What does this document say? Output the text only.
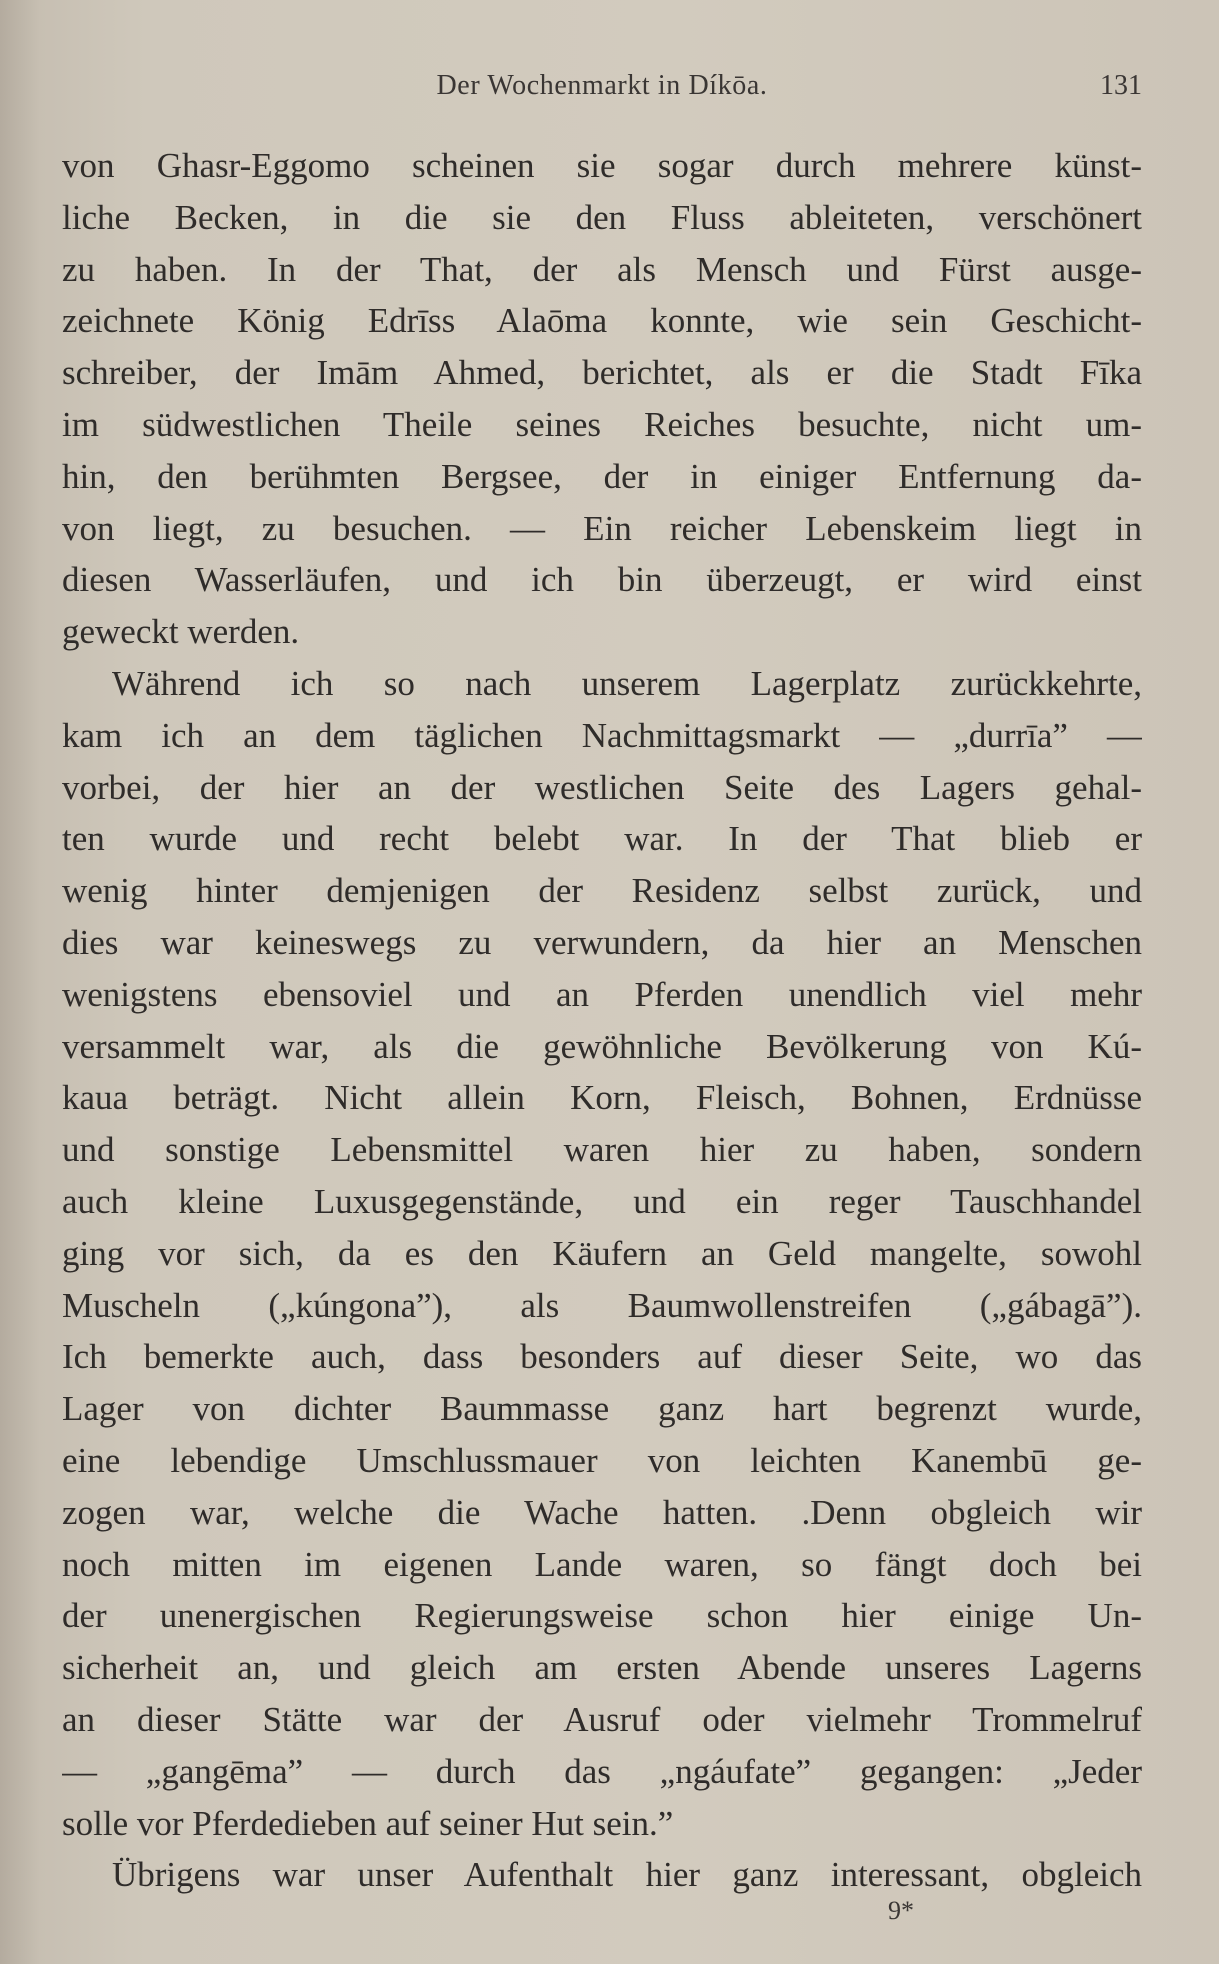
Der Wochenmarkt in Díkōa.	131
von Ghasr-Eggomo scheinen sie sogar durch mehrere künst-
liche Becken, in die sie den Fluss ableiteten, verschönert
zu haben. In der That, der als Mensch und Fürst ausge-
zeichnete König Edrīss Alaōma konnte, wie sein Geschicht-
schreiber, der Imām Ahmed, berichtet, als er die Stadt Fīka
im südwestlichen Theile seines Reiches besuchte, nicht um-
hin, den berühmten Bergsee, der in einiger Entfernung da-
von liegt, zu besuchen. — Ein reicher Lebenskeim liegt in
diesen Wasserläufen, und ich bin überzeugt, er wird einst
geweckt werden.
Während ich so nach unserem Lagerplatz zurückkehrte,
kam ich an dem täglichen Nachmittagsmarkt — „durrīa” —
vorbei, der hier an der westlichen Seite des Lagers gehal-
ten wurde und recht belebt war. In der That blieb er
wenig hinter demjenigen der Residenz selbst zurück, und
dies war keineswegs zu verwundern, da hier an Menschen
wenigstens ebensoviel und an Pferden unendlich viel mehr
versammelt war, als die gewöhnliche Bevölkerung von Kú-
kaua beträgt. Nicht allein Korn, Fleisch, Bohnen, Erdnüsse
und sonstige Lebensmittel waren hier zu haben, sondern
auch kleine Luxusgegenstände, und ein reger Tauschhandel
ging vor sich, da es den Käufern an Geld mangelte, sowohl
Muscheln („kúngona”), als Baumwollenstreifen („gábagā”).
Ich bemerkte auch, dass besonders auf dieser Seite, wo das
Lager von dichter Baummasse ganz hart begrenzt wurde,
eine lebendige Umschlussmauer von leichten Kanembū ge-
zogen war, welche die Wache hatten. .Denn obgleich wir
noch mitten im eigenen Lande waren, so fängt doch bei
der unenergischen Regierungsweise schon hier einige Un-
sicherheit an, und gleich am ersten Abende unseres Lagerns
an dieser Stätte war der Ausruf oder vielmehr Trommelruf
— „gangēma” — durch das „ngáufate” gegangen: „Jeder
solle vor Pferdedieben auf seiner Hut sein.”
Übrigens war unser Aufenthalt hier ganz interessant, obgleich
9*
